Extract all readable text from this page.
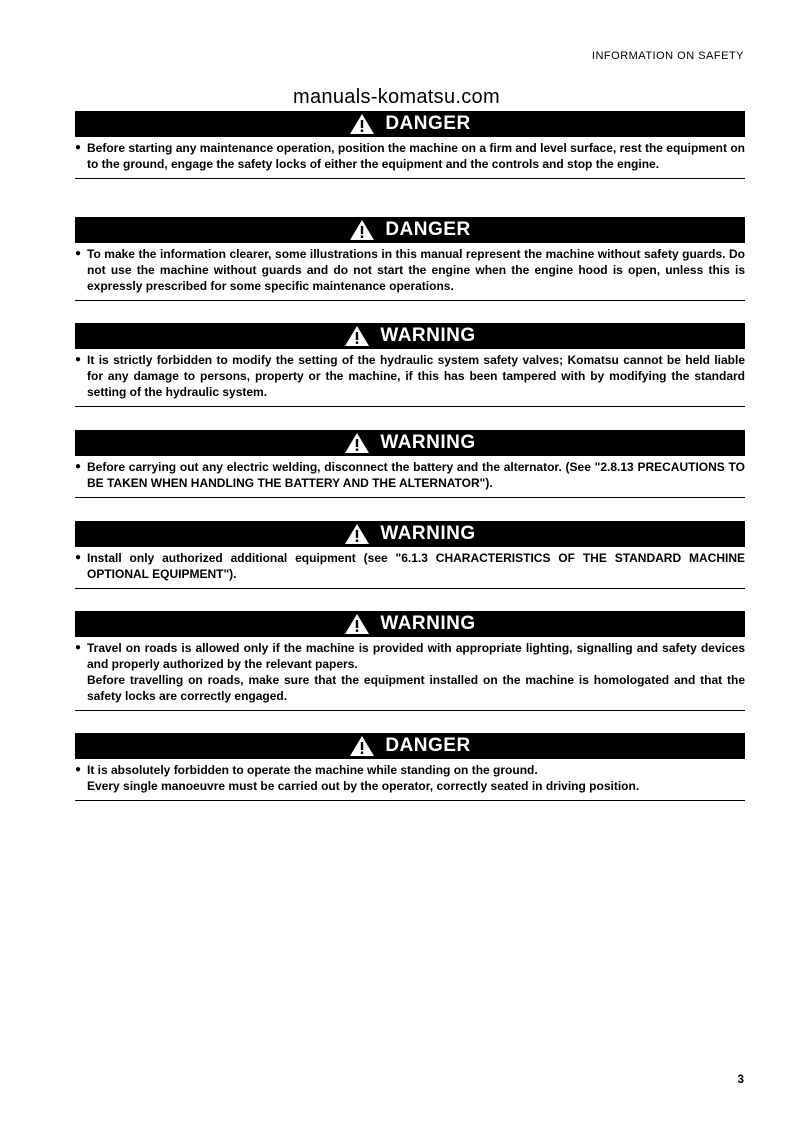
INFORMATION ON SAFETY
manuals-komatsu.com
DANGER
● Before starting any maintenance operation, position the machine on a firm and level surface, rest the equipment on to the ground, engage the safety locks of either the equipment and the controls and stop the engine.
DANGER
● To make the information clearer, some illustrations in this manual represent the machine without safety guards. Do not use the machine without guards and do not start the engine when the engine hood is open, unless this is expressly prescribed for some specific maintenance operations.
WARNING
● It is strictly forbidden to modify the setting of the hydraulic system safety valves; Komatsu cannot be held liable for any damage to persons, property or the machine, if this has been tampered with by modifying the standard setting of the hydraulic system.
WARNING
● Before carrying out any electric welding, disconnect the battery and the alternator. (See "2.8.13 PRECAUTIONS TO BE TAKEN WHEN HANDLING THE BATTERY AND THE ALTERNATOR").
WARNING
● Install only authorized additional equipment (see "6.1.3 CHARACTERISTICS OF THE STANDARD MACHINE OPTIONAL EQUIPMENT").
WARNING
● Travel on roads is allowed only if the machine is provided with appropriate lighting, signalling and safety devices and properly authorized by the relevant papers.
Before travelling on roads, make sure that the equipment installed on the machine is homologated and that the safety locks are correctly engaged.
DANGER
● It is absolutely forbidden to operate the machine while standing on the ground.
Every single manoeuvre must be carried out by the operator, correctly seated in driving position.
3
